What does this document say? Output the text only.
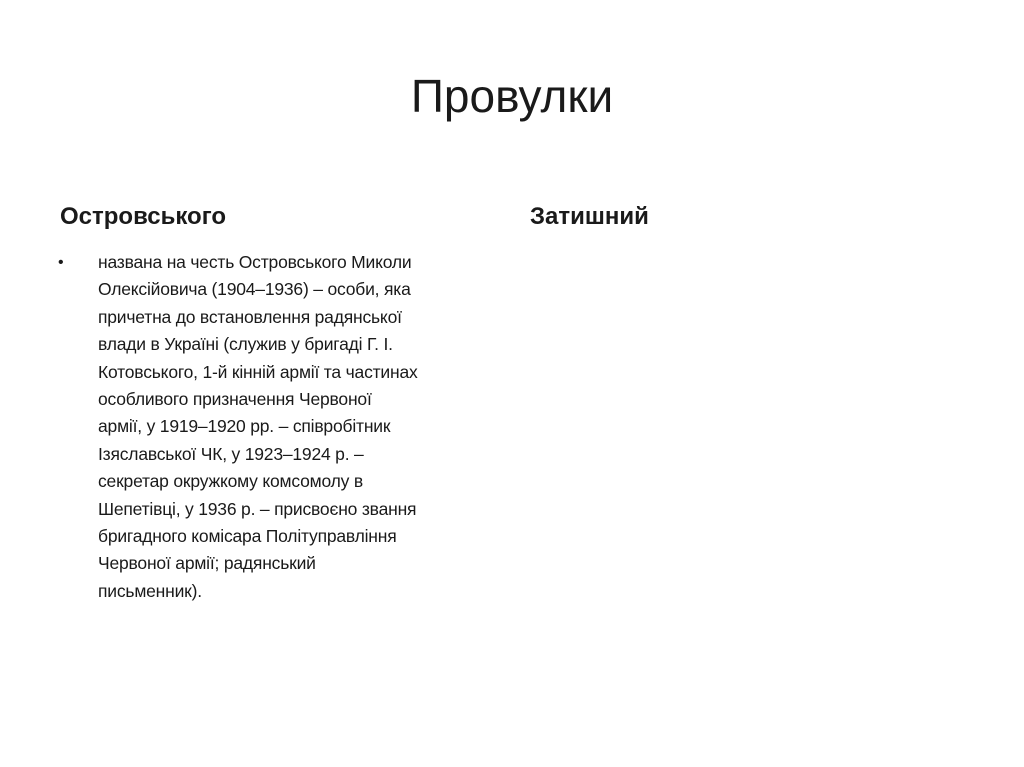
Провулки
Островського	Затишний
• названа на честь Островського Миколи
Олексійовича (1904–1936) – особи, яка
причетна до встановлення радянської
влади в Україні (служив у бригаді Г. І.
Котовського, 1-й кінній армії та частинах
особливого призначення Червоної
армії, у 1919–1920 рр. – співробітник
Ізяславської ЧК, у 1923–1924 р. –
секретар окружкому комсомолу в
Шепетівці, у 1936 р. – присвоєно звання
бригадного комісара Політуправління
Червоної армії; радянський
письменник).
